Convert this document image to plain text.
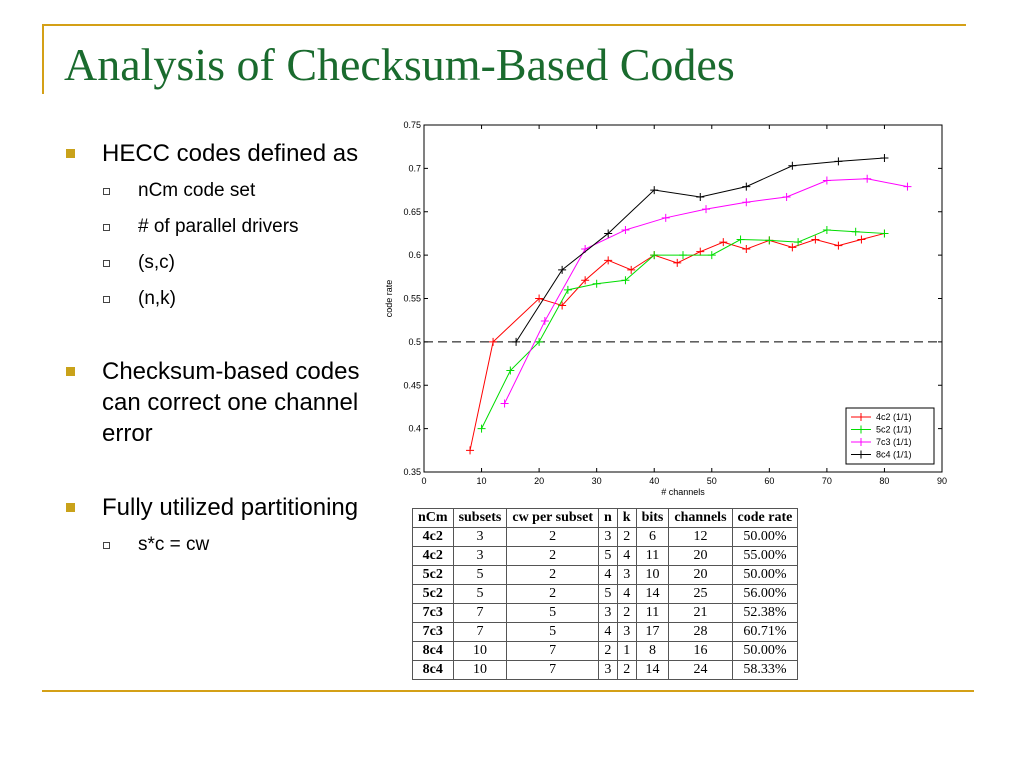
Analysis of Checksum-Based Codes
HECC codes defined as
nCm code set
# of parallel drivers
(s,c)
(n,k)
Checksum-based codes can correct one channel error
Fully utilized partitioning
s*c = cw
0	10	20	30	40	50	60	70	80	90
0.35
0.4
0.45
0.5
0.55
0.6
0.65
0.7
0.75
# channels
code rate
4c2 (1/1)
5c2 (1/1)
7c3 (1/1)
8c4 (1/1)
nCm	subsets	cw per subset	n	k	bits	channels	code rate
4c2	3	2	3	2	6	12	50.00%
4c2	3	2	5	4	11	20	55.00%
5c2	5	2	4	3	10	20	50.00%
5c2	5	2	5	4	14	25	56.00%
7c3	7	5	3	2	11	21	52.38%
7c3	7	5	4	3	17	28	60.71%
8c4	10	7	2	1	8	16	50.00%
8c4	10	7	3	2	14	24	58.33%
